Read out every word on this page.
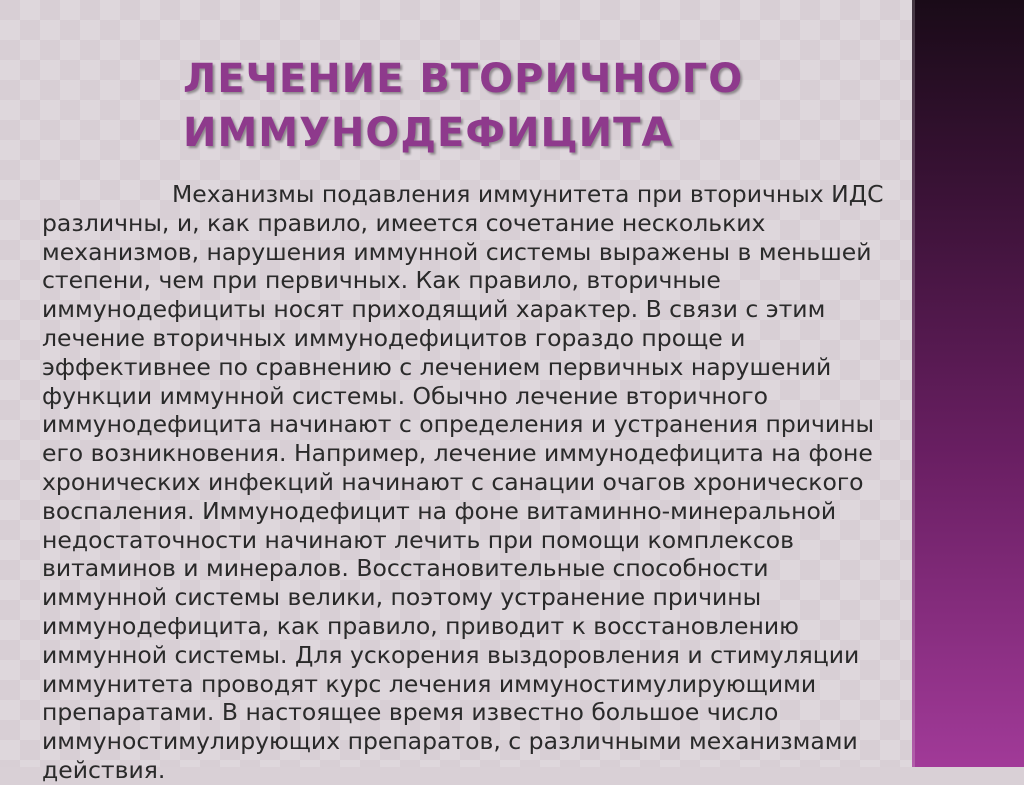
ЛЕЧЕНИЕ ВТОРИЧНОГО
ИММУНОДЕФИЦИТА

Механизмы подавления иммунитета при вторичных ИДС различны, и, как правило, имеется сочетание нескольких механизмов, нарушения иммунной системы выражены в меньшей степени, чем при первичных. Как правило, вторичные иммунодефициты носят приходящий характер. В связи с этим лечение вторичных иммунодефицитов гораздо проще и эффективнее по сравнению с лечением первичных нарушений функции иммунной системы. Обычно лечение вторичного иммунодефицита начинают с определения и устранения причины его возникновения. Например, лечение иммунодефицита на фоне хронических инфекций начинают с санации очагов хронического воспаления. Иммунодефицит на фоне витаминно-минеральной недостаточности начинают лечить при помощи комплексов витаминов и минералов. Восстановительные способности иммунной системы велики, поэтому устранение причины иммунодефицита, как правило, приводит к восстановлению иммунной системы. Для ускорения выздоровления и стимуляции иммунитета проводят курс лечения иммуностимулирующими препаратами. В настоящее время известно большое число иммуностимулирующих препаратов, с различными механизмами действия.
